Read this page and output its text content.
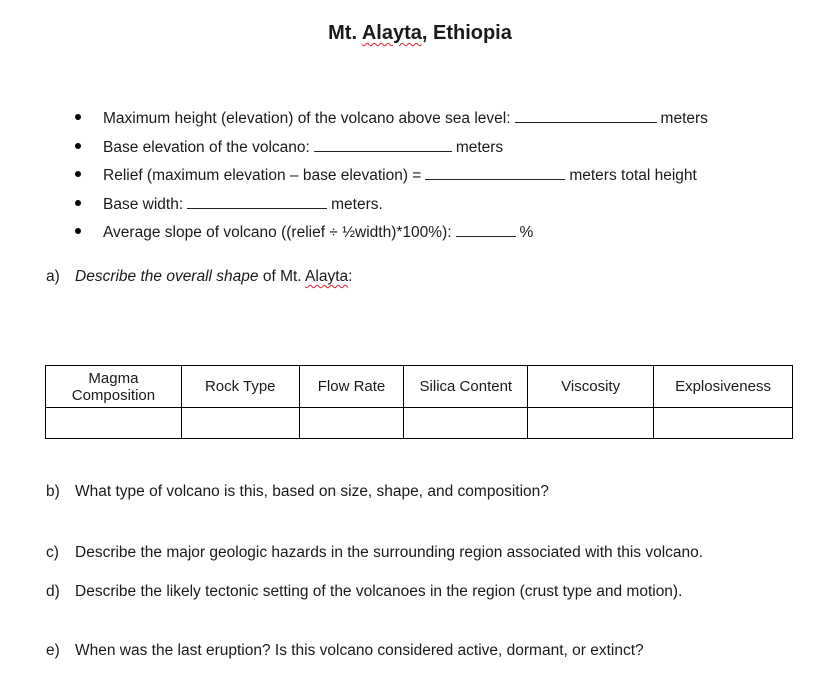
Mt. Alayta, Ethiopia
Maximum height (elevation) of the volcano above sea level:	meters
Base elevation of the volcano:	meters
Relief (maximum elevation – base elevation) =	meters total height
Base width:	meters.
Average slope of volcano ((relief ÷ ½width)*100%):	%
a) Describe the overall shape of Mt. Alayta:
Magma Composition	Rock Type	Flow Rate	Silica Content	Viscosity	Explosiveness

b) What type of volcano is this, based on size, shape, and composition?
c) Describe the major geologic hazards in the surrounding region associated with this volcano.
d) Describe the likely tectonic setting of the volcanoes in the region (crust type and motion).
e) When was the last eruption? Is this volcano considered active, dormant, or extinct?
